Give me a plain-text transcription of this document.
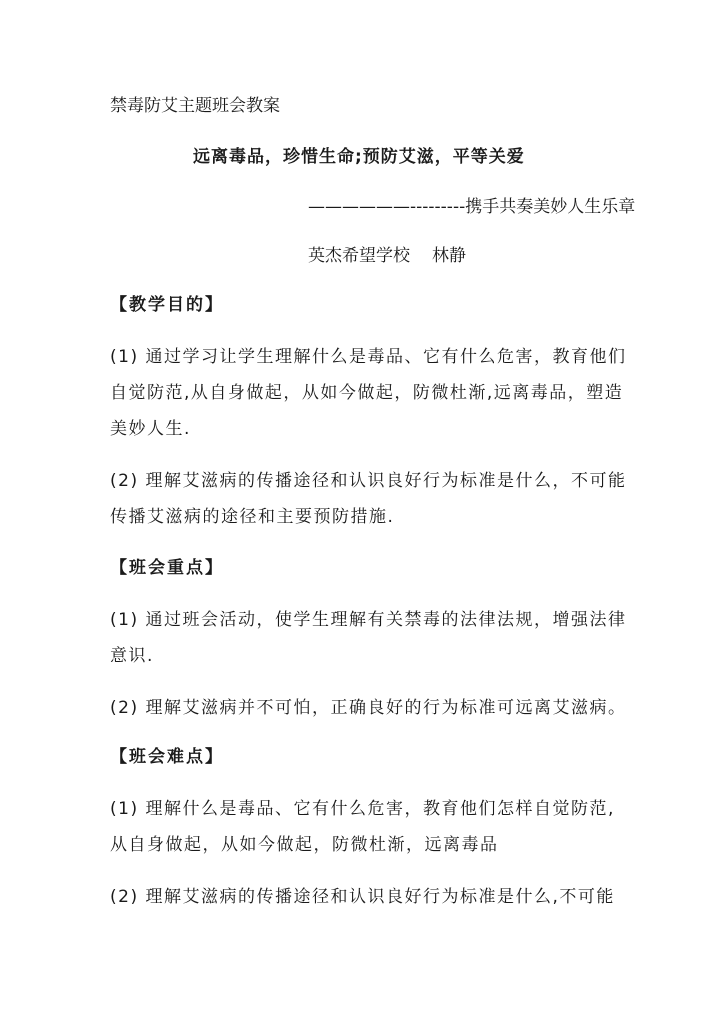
禁毒防艾主题班会教案
远离毒品，珍惜生命;预防艾滋，平等关爱
——————---------携手共奏美妙人生乐章
英杰希望学校 林静
【教学目的】
(1) 通过学习让学生理解什么是毒品、它有什么危害，教育他们
自觉防范,从自身做起，从如今做起，防微杜渐,远离毒品，塑造
美妙人生.
(2) 理解艾滋病的传播途径和认识良好行为标准是什么，不可能
传播艾滋病的途径和主要预防措施.
【班会重点】
(1) 通过班会活动，使学生理解有关禁毒的法律法规，增强法律
意识.
(2) 理解艾滋病并不可怕，正确良好的行为标准可远离艾滋病。
【班会难点】
(1) 理解什么是毒品、它有什么危害，教育他们怎样自觉防范,
从自身做起，从如今做起，防微杜渐，远离毒品
(2) 理解艾滋病的传播途径和认识良好行为标准是什么,不可能
